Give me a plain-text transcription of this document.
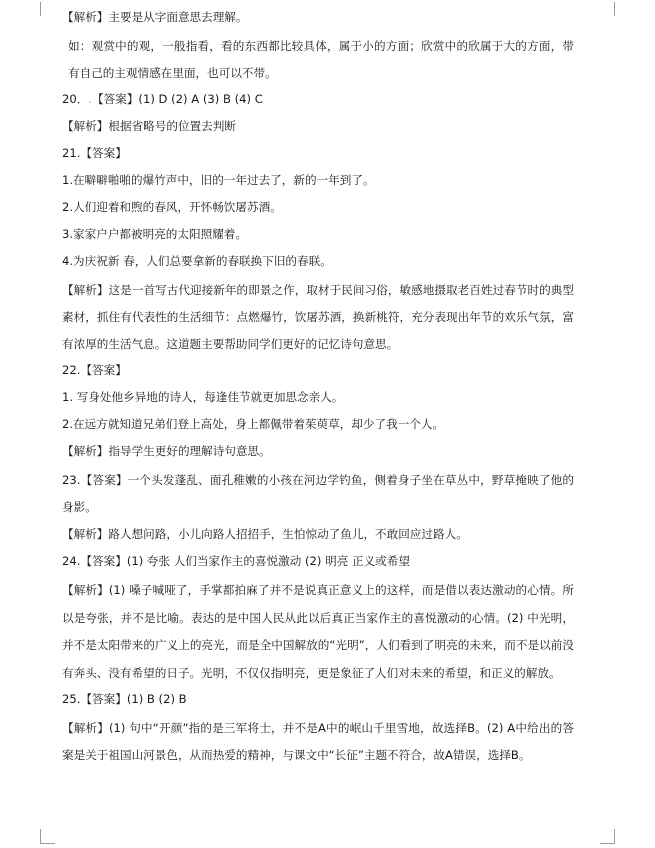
【解析】主要是从字面意思去理解。

如：观赏中的观，一般指看，看的东西都比较具体，属于小的方面；欣赏中的欣属于大的方面，带有自己的主观情感在里面，也可以不带。

20．.【答案】(1) D (2) A (3) B (4) C

【解析】根据省略号的位置去判断

21.【答案】

1.在噼噼啪啪的爆竹声中，旧的一年过去了，新的一年到了。

2.人们迎着和煦的春风，开怀畅饮屠苏酒。

3.家家户户都被明亮的太阳照耀着。

4.为庆祝新 春，人们总要拿新的春联换下旧的春联。

【解析】这是一首写古代迎接新年的即景之作，取材于民间习俗，敏感地摄取老百姓过春节时的典型素材，抓住有代表性的生活细节：点燃爆竹，饮屠苏酒，换新桃符，充分表现出年节的欢乐气氛，富有浓厚的生活气息。这道题主要帮助同学们更好的记忆诗句意思。

22.【答案】

1. 写身处他乡异地的诗人，每逢佳节就更加思念亲人。

2.在远方就知道兄弟们登上高处，身上都佩带着茱萸草，却少了我一个人。

【解析】指导学生更好的理解诗句意思。

23.【答案】一个头发蓬乱、面孔稚嫩的小孩在河边学钓鱼，侧着身子坐在草丛中，野草掩映了他的身影。

【解析】路人想问路，小儿向路人招招手，生怕惊动了鱼儿，不敢回应过路人。

24.【答案】(1) 夸张 人们当家作主的喜悦激动 (2) 明亮 正义或希望

【解析】(1) 嗓子喊哑了，手掌都拍麻了并不是说真正意义上的这样，而是借以表达激动的心情。所以是夸张，并不是比喻。表达的是中国人民从此以后真正当家作主的喜悦激动的心情。(2) 中光明，并不是太阳带来的广义上的亮光，而是全中国解放的“光明”，人们看到了明亮的未来，而不是以前没有奔头、没有希望的日子。光明，不仅仅指明亮，更是象征了人们对未来的希望，和正义的解放。

25.【答案】(1) B (2) B

【解析】(1) 句中“开颜”指的是三军将士，并不是A中的岷山千里雪地，故选择B。(2) A中给出的答案是关于祖国山河景色，从而热爱的精神，与课文中“长征”主题不符合，故A错误，选择B。
